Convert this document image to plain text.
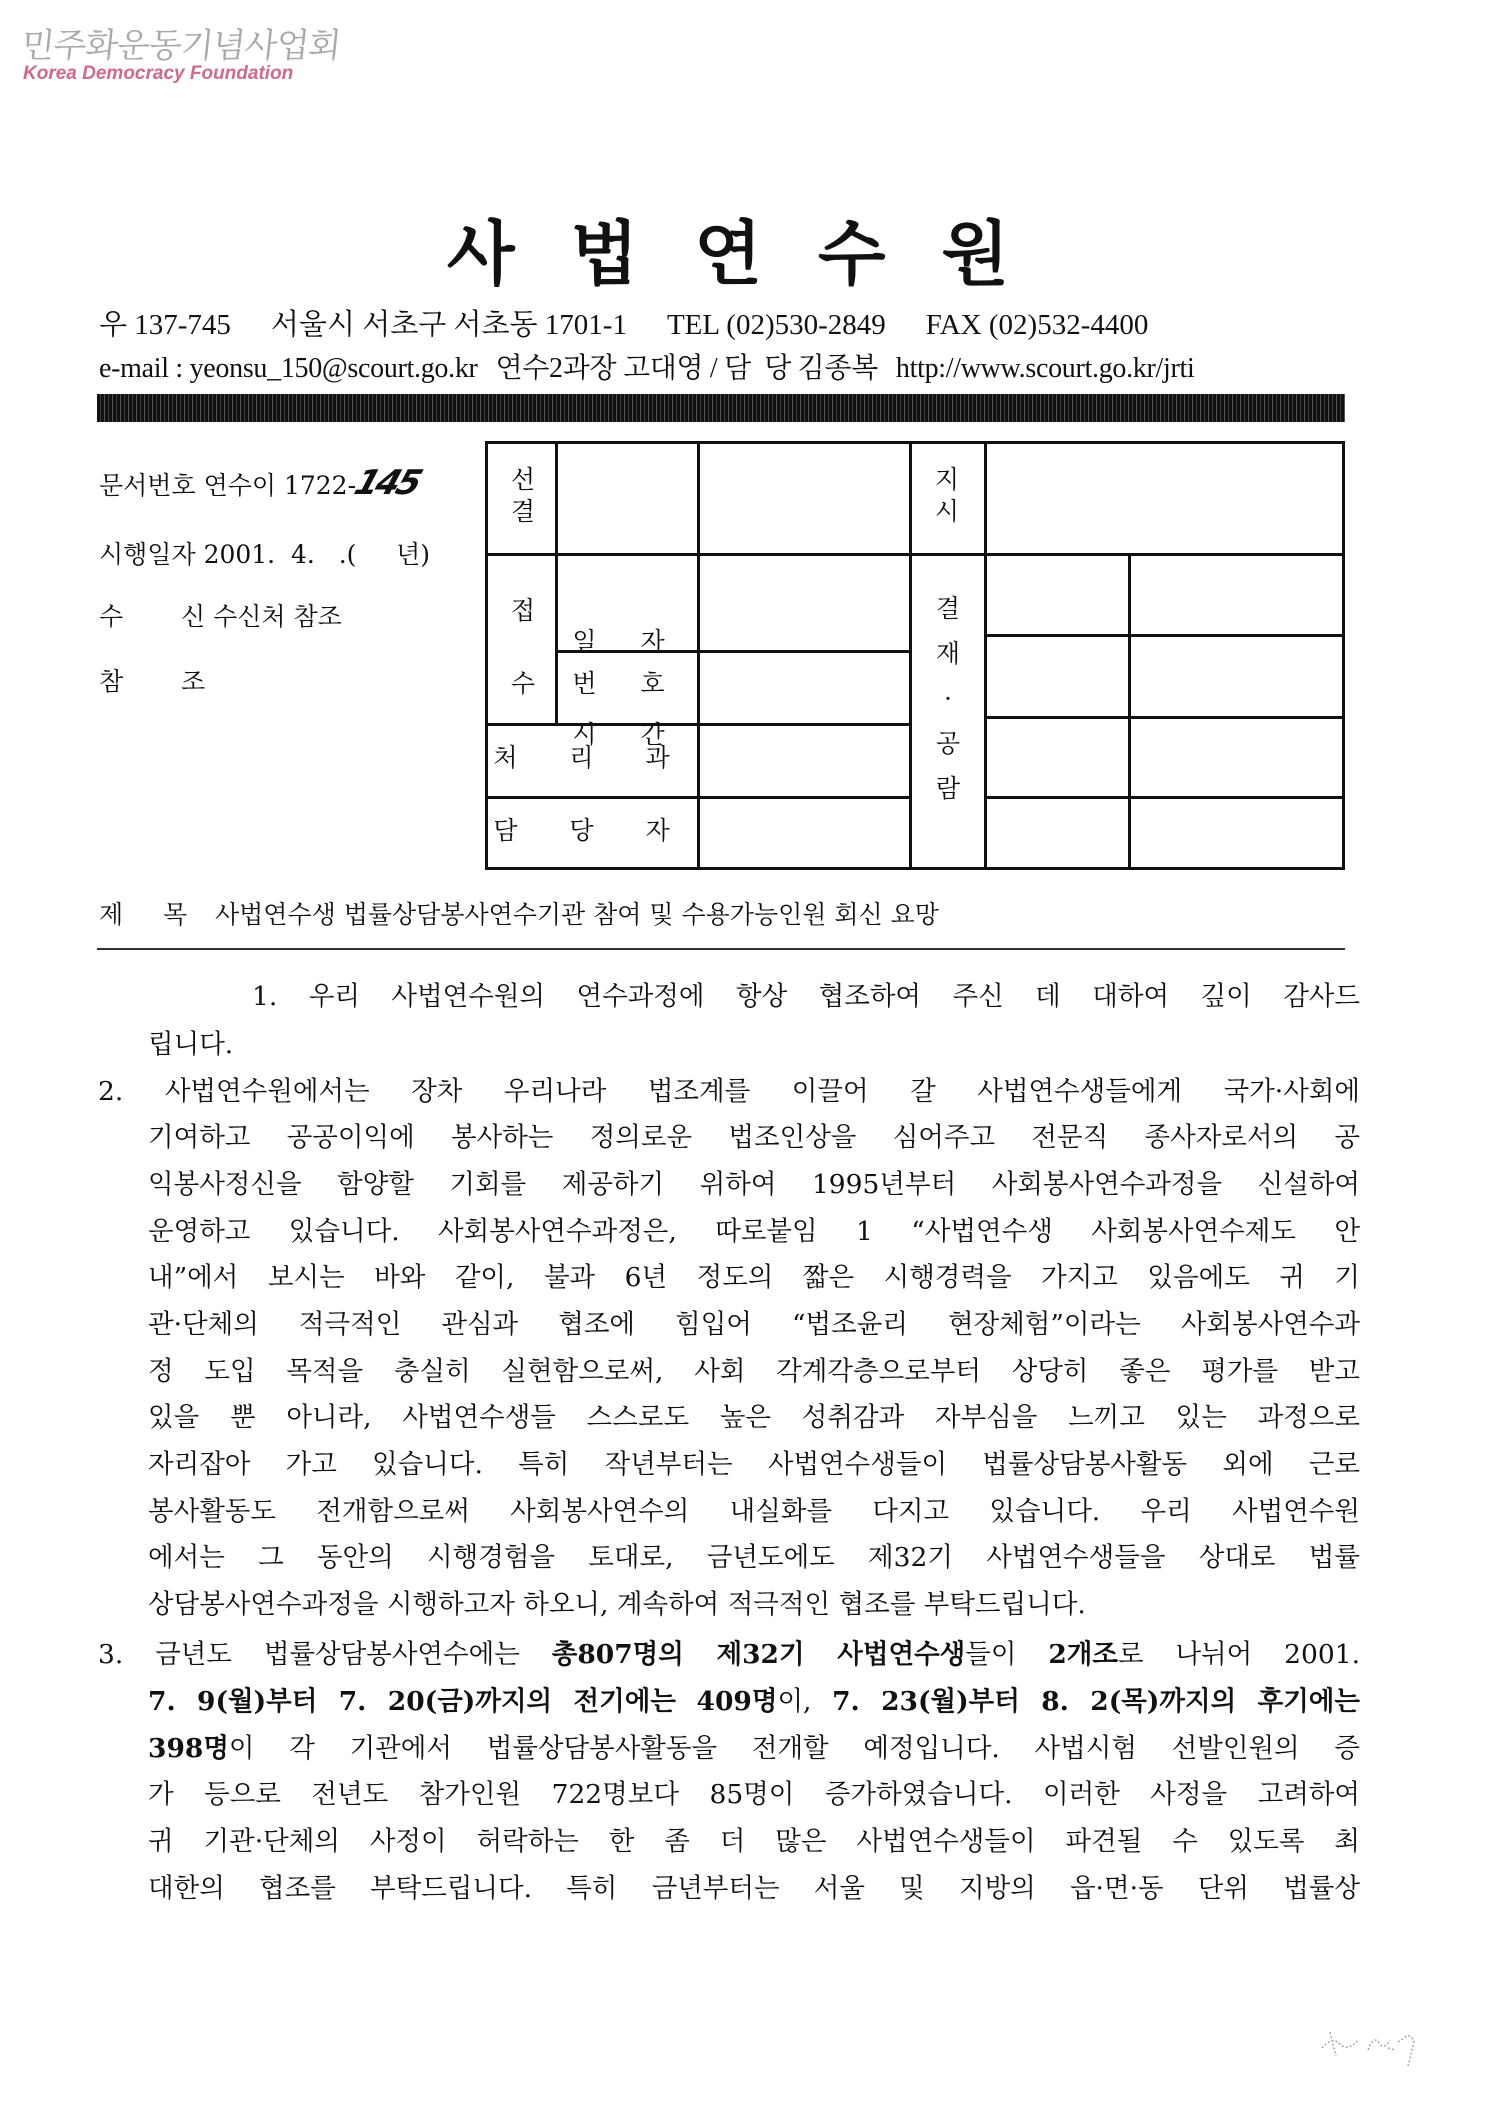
민주화운동기념사업회
Korea Democracy Foundation
사 법 연 수 원
우 137-745 서울시 서초구 서초동 1701-1 TEL (02)530-2849 FAX (02)532-4400
e-mail : yeonsu_150@scourt.go.kr 연수2과장 고대영 / 담  당 김종복 http://www.scourt.go.kr/jrti
문서번호 연수이 1722-145
시행일자 2001.  4.   .(     년)
수 신 수신처 참조
참 조
선결
접수

일 자

시 간

번 호
처 리 과
담 당 자
지시
결
재
·
공
람
제 목 사법연수생 법률상담봉사연수기관 참여 및 수용가능인원 회신 요망
1. 우리 사법연수원의 연수과정에 항상 협조하여 주신 데 대하여 깊이 감사드
립니다.
2. 사법연수원에서는 장차 우리나라 법조계를 이끌어 갈 사법연수생들에게 국가·사회에
기여하고 공공이익에 봉사하는 정의로운 법조인상을 심어주고 전문직 종사자로서의 공
익봉사정신을 함양할 기회를 제공하기 위하여 1995년부터 사회봉사연수과정을 신설하여
운영하고 있습니다. 사회봉사연수과정은, 따로붙임 1 “사법연수생 사회봉사연수제도 안
내”에서 보시는 바와 같이, 불과 6년 정도의 짧은 시행경력을 가지고 있음에도 귀 기
관·단체의 적극적인 관심과 협조에 힘입어 “법조윤리 현장체험”이라는 사회봉사연수과
정 도입 목적을 충실히 실현함으로써, 사회 각계각층으로부터 상당히 좋은 평가를 받고
있을 뿐 아니라, 사법연수생들 스스로도 높은 성취감과 자부심을 느끼고 있는 과정으로
자리잡아 가고 있습니다. 특히 작년부터는 사법연수생들이 법률상담봉사활동 외에 근로
봉사활동도 전개함으로써 사회봉사연수의 내실화를 다지고 있습니다. 우리 사법연수원
에서는 그 동안의 시행경험을 토대로, 금년도에도 제32기 사법연수생들을 상대로 법률
상담봉사연수과정을 시행하고자 하오니, 계속하여 적극적인 협조를 부탁드립니다.
3. 금년도 법률상담봉사연수에는 총807명의 제32기 사법연수생들이 2개조로 나뉘어 2001.
7. 9(월)부터 7. 20(금)까지의 전기에는 409명이, 7. 23(월)부터 8. 2(목)까지의 후기에는
398명이 각 기관에서 법률상담봉사활동을 전개할 예정입니다. 사법시험 선발인원의 증
가 등으로 전년도 참가인원 722명보다 85명이 증가하였습니다. 이러한 사정을 고려하여
귀 기관·단체의 사정이 허락하는 한 좀 더 많은 사법연수생들이 파견될 수 있도록 최
대한의 협조를 부탁드립니다. 특히 금년부터는 서울 및 지방의 읍·면·동 단위 법률상
